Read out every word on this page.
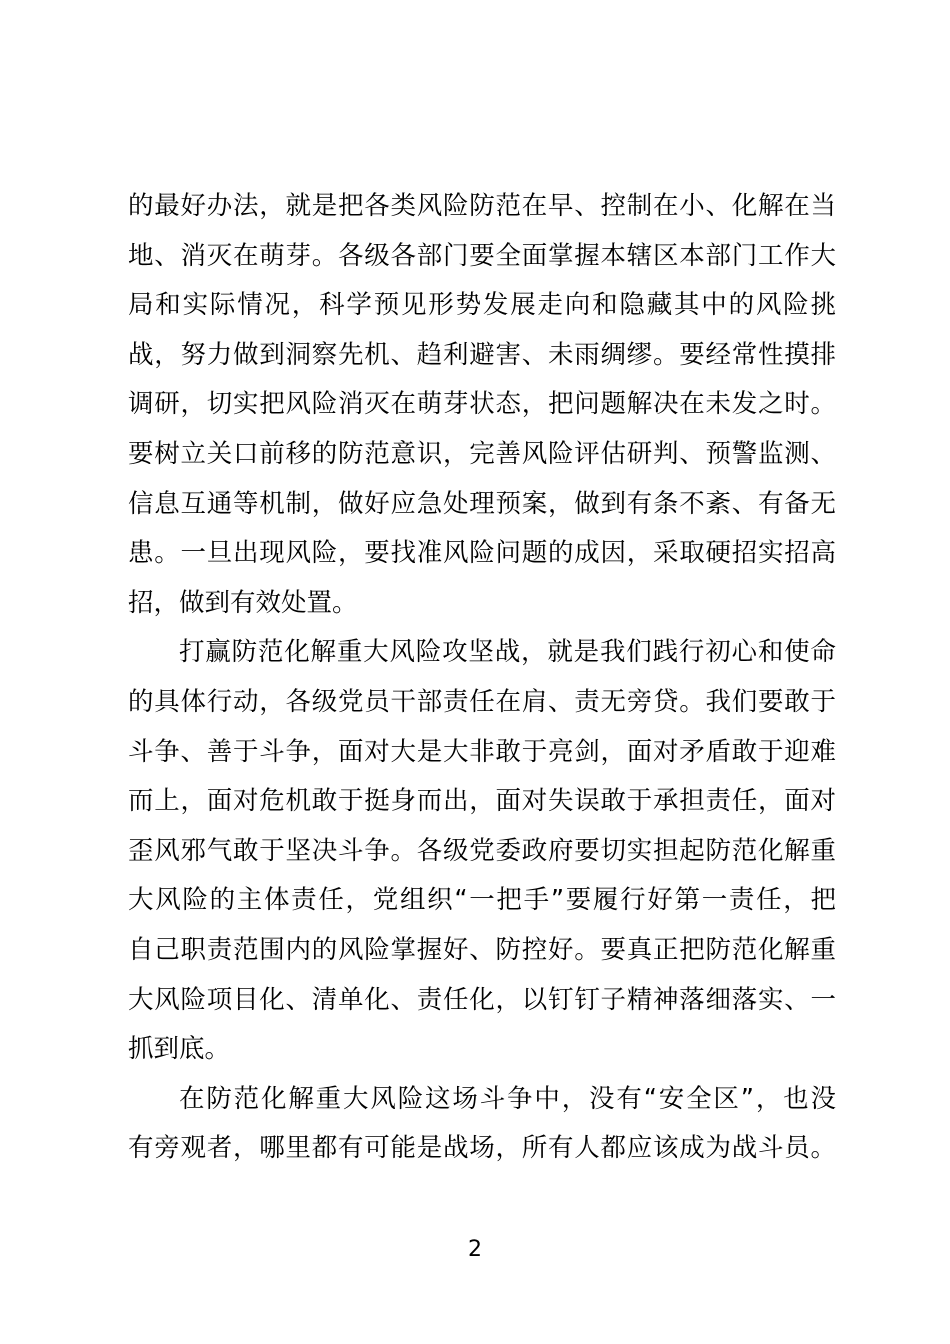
的最好办法，就是把各类风险防范在早、控制在小、化解在当
地、消灭在萌芽。各级各部门要全面掌握本辖区本部门工作大
局和实际情况，科学预见形势发展走向和隐藏其中的风险挑
战，努力做到洞察先机、趋利避害、未雨绸缪。要经常性摸排
调研，切实把风险消灭在萌芽状态，把问题解决在未发之时。
要树立关口前移的防范意识，完善风险评估研判、预警监测、
信息互通等机制，做好应急处理预案，做到有条不紊、有备无
患。一旦出现风险，要找准风险问题的成因，采取硬招实招高
招，做到有效处置。
打赢防范化解重大风险攻坚战，就是我们践行初心和使命
的具体行动，各级党员干部责任在肩、责无旁贷。我们要敢于
斗争、善于斗争，面对大是大非敢于亮剑，面对矛盾敢于迎难
而上，面对危机敢于挺身而出，面对失误敢于承担责任，面对
歪风邪气敢于坚决斗争。各级党委政府要切实担起防范化解重
大风险的主体责任，党组织“一把手”要履行好第一责任，把
自己职责范围内的风险掌握好、防控好。要真正把防范化解重
大风险项目化、清单化、责任化，以钉钉子精神落细落实、一
抓到底。
在防范化解重大风险这场斗争中，没有“安全区”，也没
有旁观者，哪里都有可能是战场，所有人都应该成为战斗员。
2
